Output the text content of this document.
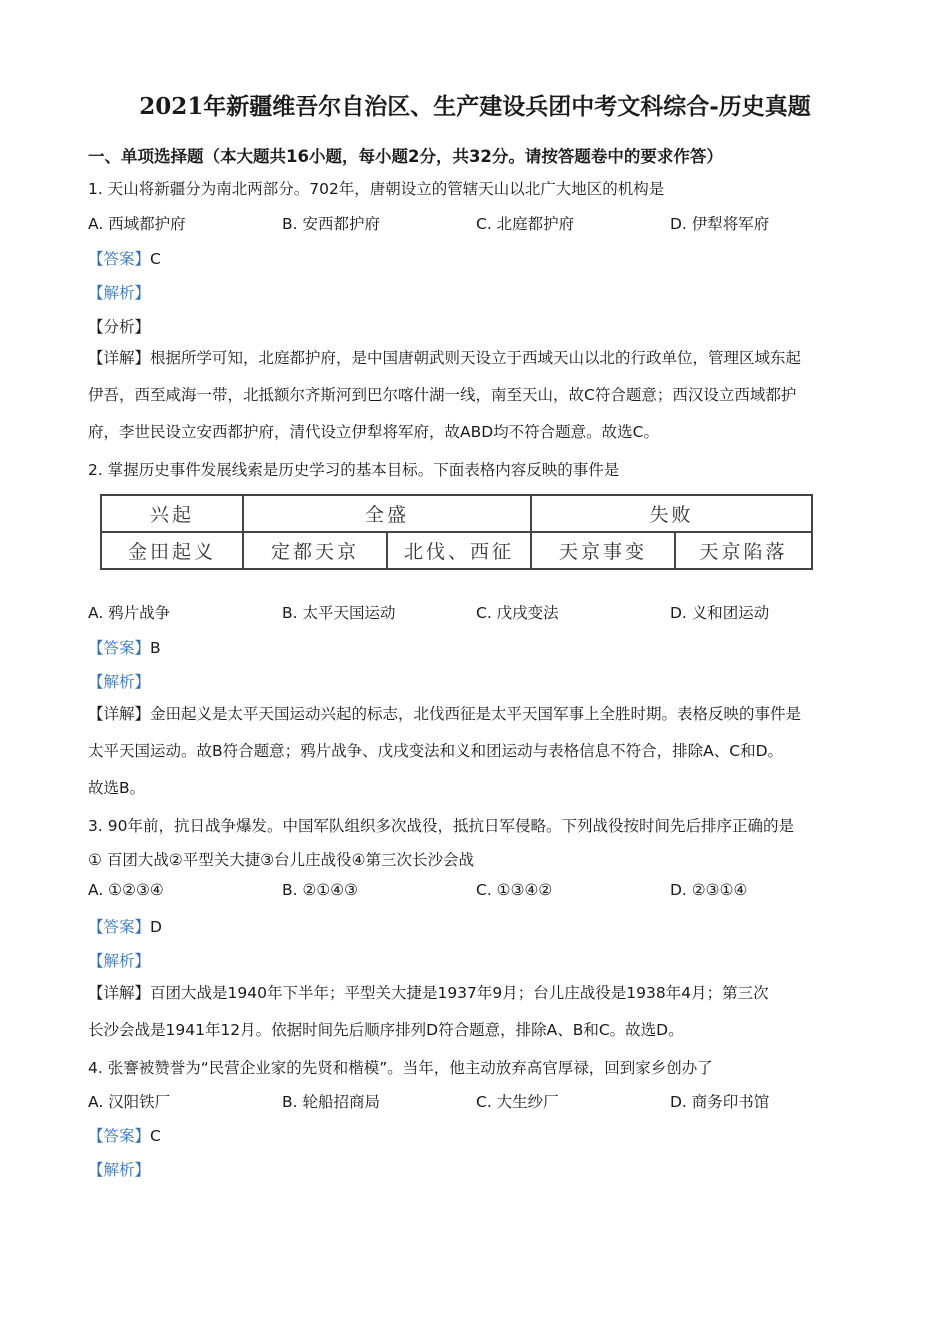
2021年新疆维吾尔自治区、生产建设兵团中考文科综合-历史真题
一、单项选择题（本大题共16小题，每小题2分，共32分。请按答题卷中的要求作答）
1. 天山将新疆分为南北两部分。702年，唐朝设立的管辖天山以北广大地区的机构是
A. 西域都护府	B. 安西都护府	C. 北庭都护府	D. 伊犁将军府
【答案】C
【解析】
【分析】
【详解】根据所学可知，北庭都护府，是中国唐朝武则天设立于西域天山以北的行政单位，管理区域东起
伊吾，西至咸海一带，北抵额尔齐斯河到巴尔喀什湖一线，南至天山，故C符合题意；西汉设立西域都护
府，李世民设立安西都护府，清代设立伊犁将军府，故ABD均不符合题意。故选C。
2. 掌握历史事件发展线索是历史学习的基本目标。下面表格内容反映的事件是
兴起	全盛		失败	
金田起义	定都天京	北伐、西征	天京事变	天京陷落
A. 鸦片战争	B. 太平天国运动	C. 戊戌变法	D. 义和团运动
【答案】B
【解析】
【详解】金田起义是太平天国运动兴起的标志，北伐西征是太平天国军事上全胜时期。表格反映的事件是
太平天国运动。故B符合题意；鸦片战争、戊戌变法和义和团运动与表格信息不符合，排除A、C和D。
故选B。
3. 90年前，抗日战争爆发。中国军队组织多次战役，抵抗日军侵略。下列战役按时间先后排序正确的是
① 百团大战②平型关大捷③台儿庄战役④第三次长沙会战
A. ①②③④	B. ②①④③	C. ①③④②	D. ②③①④
【答案】D
【解析】
【详解】百团大战是1940年下半年；平型关大捷是1937年9月；台儿庄战役是1938年4月；第三次
长沙会战是1941年12月。依据时间先后顺序排列D符合题意，排除A、B和C。故选D。
4. 张謇被赞誉为“民营企业家的先贤和楷模”。当年，他主动放弃高官厚禄，回到家乡创办了
A. 汉阳铁厂	B. 轮船招商局	C. 大生纱厂	D. 商务印书馆
【答案】C
【解析】
